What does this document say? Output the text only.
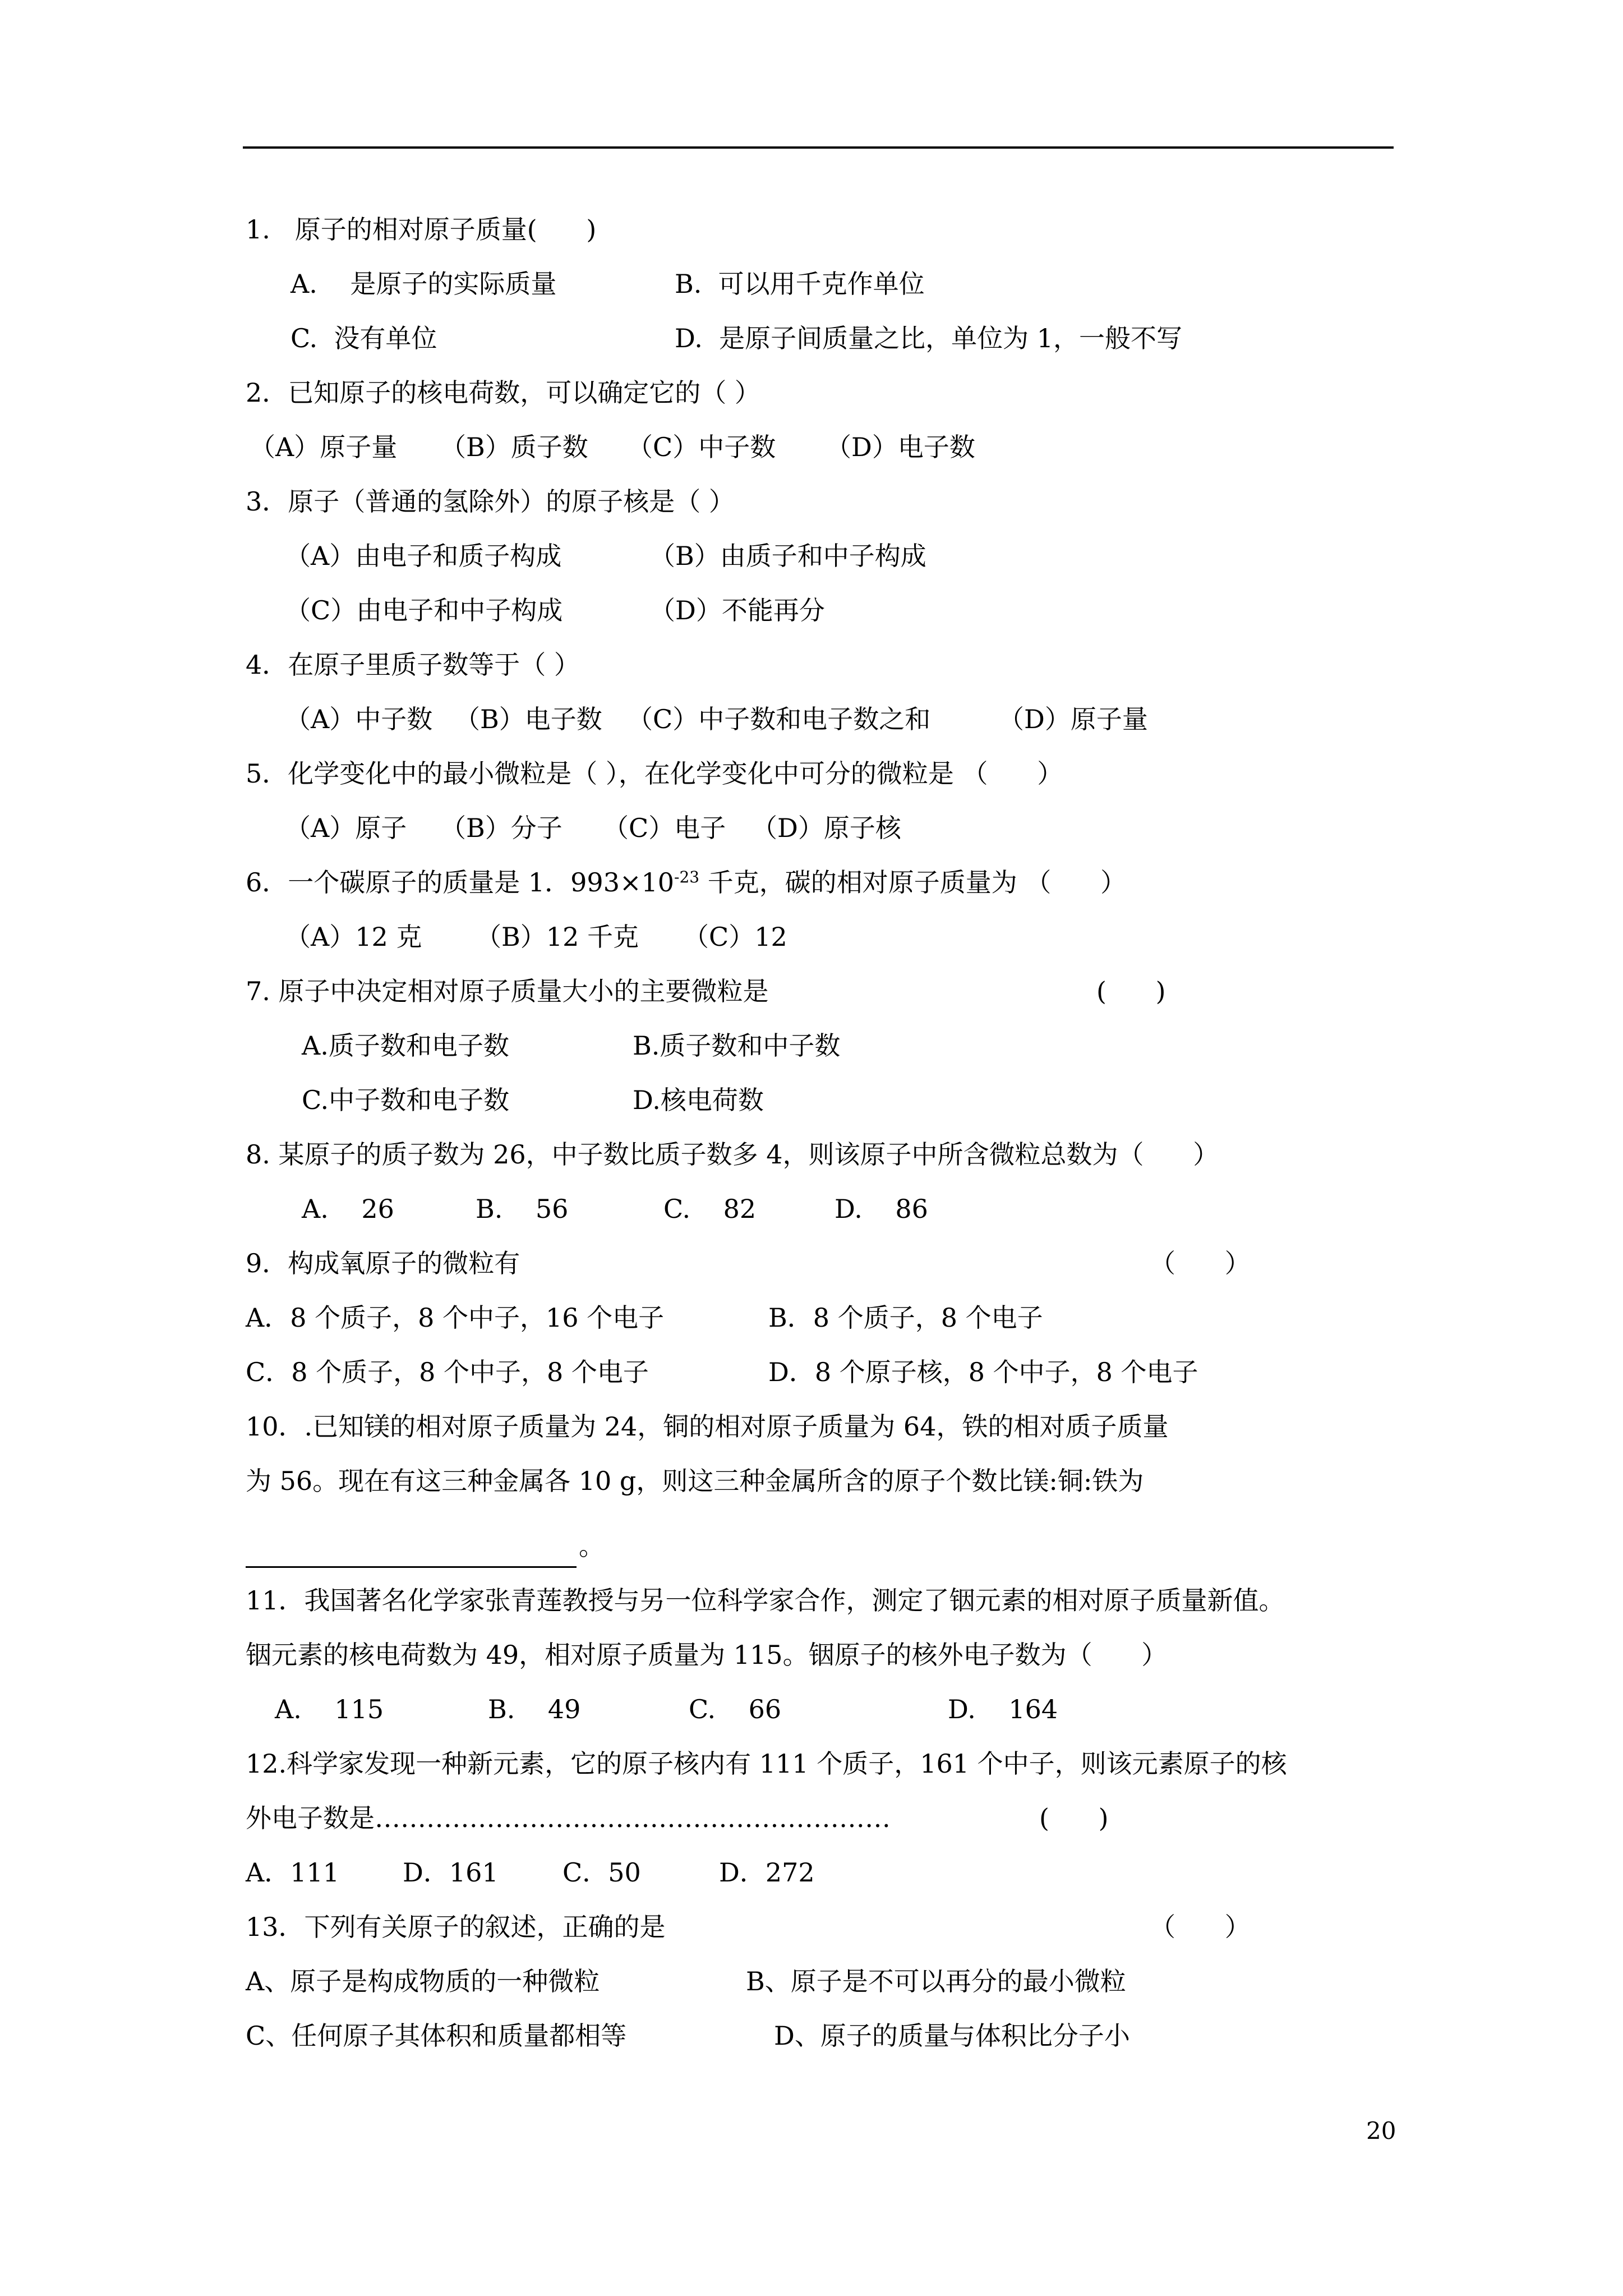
1.   原子的相对原子质量(      )
A.    是原子的实际质量	B.  可以用千克作单位
C.  没有单位	D.  是原子间质量之比，单位为 1，一般不写
2．已知原子的核电荷数，可以确定它的（ ）
（A）原子量 （B）质子数 （C）中子数 （D）电子数
3．原子（普通的氢除外）的原子核是（ ）
（A）由电子和质子构成	（B）由质子和中子构成
（C）由电子和中子构成	（D）不能再分
4．在原子里质子数等于（ ）
（A）中子数 （B）电子数 （C）中子数和电子数之和	（D）原子量
5．化学变化中的最小微粒是（ ），在化学变化中可分的微粒是 （      ）
（A）原子 （B）分子 （C）电子 （D）原子核
6．一个碳原子的质量是 1．$993\times 10^{-23}$ 千克，碳的相对原子质量为 （      ）
（A）12 克 （B）12 千克 （C）12
7. 原子中决定相对原子质量大小的主要微粒是	(      )
A.质子数和电子数	B.质子数和中子数
C.中子数和电子数	D.核电荷数
8. 某原子的质子数为 26，中子数比质子数多 4，则该原子中所含微粒总数为（      ）
A.    26	B.    56	C.    82	D.    86
9．构成氧原子的微粒有	（      ）
A．8 个质子，8 个中子，16 个电子	B．8 个质子，8 个电子
C．8 个质子，8 个中子，8 个电子	D．8 个原子核，8 个中子，8 个电子
10．.已知镁的相对原子质量为 24，铜的相对原子质量为 64，铁的相对质子质量
为 56。现在有这三种金属各 10 g，则这三种金属所含的原子个数比镁:铜:铁为
。
11．我国著名化学家张青莲教授与另一位科学家合作，测定了铟元素的相对原子质量新值。
铟元素的核电荷数为 49，相对原子质量为 115。铟原子的核外电子数为（      ）
A.    115	B.    49	C.    66	D.    164
12.科学家发现一种新元素，它的原子核内有 111 个质子，161 个中子，则该元素原子的核
外电子数是……………………………………………………	(      )
A．111 D．161 C．50	D．272
13．下列有关原子的叙述，正确的是	（      ）
A、原子是构成物质的一种微粒	B、原子是不可以再分的最小微粒
C、任何原子其体积和质量都相等	D、原子的质量与体积比分子小
20
